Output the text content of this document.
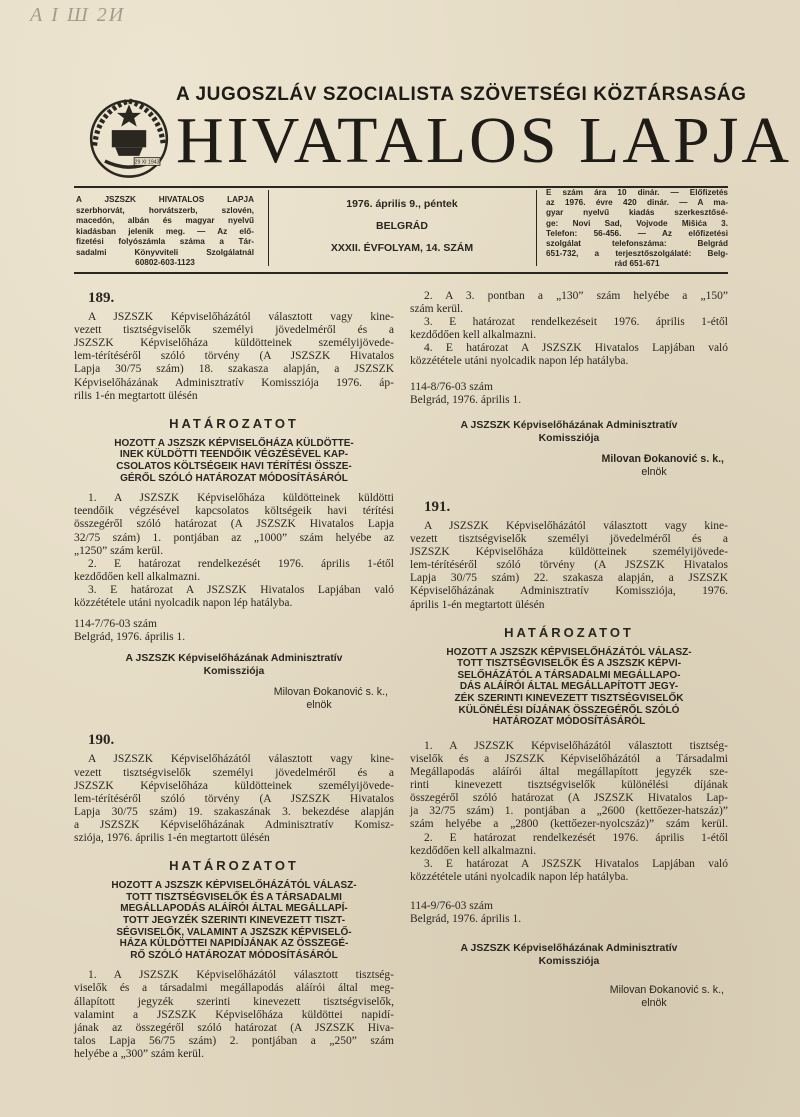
А І Ш 2И
29 XI 1943
A JUGOSZLÁV SZOCIALISTA SZÖVETSÉGI KÖZTÁRSASÁG
HIVATALOS LAPJA
A JSZSZK HIVATALOS LAPJA
szerbhorvát, horvátszerb, szlovén,
macedón, albán és magyar nyelvű
kiadásban jelenik meg. — Az elő-
fizetési folyószámla száma a Tár-
sadalmi Könyvviteli Szolgálatnál
60802-603-1123
1976. április 9., péntek
BELGRÁD
XXXII. ÉVFOLYAM, 14. SZÁM
E szám ára 10 dinár. — Előfizetés
az 1976. évre 420 dinár. — A ma-
gyar nyelvű kiadás szerkesztősé-
ge: Novi Sad, Vojvode Mišića 3.
Telefon: 56-456. — Az előfizetési
szolgálat telefonszáma: Belgrád
651-732, a terjesztőszolgálaté: Belg-
rád 651-671
189.
A JSZSZK Képviselőházától választott vagy kine-
vezett tisztségviselők személyi jövedelméről és a
JSZSZK Képviselőháza küldötteinek személyijövede-
lem-térítéséről szóló törvény (A JSZSZK Hivatalos
Lapja 30/75 szám) 18. szakasza alapján, a JSZSZK
Képviselőházának Adminisztratív Komissziója 1976. áp-
rilis 1-én megtartott ülésén
HATÁROZATOT
HOZOTT A JSZSZK KÉPVISELŐHÁZA KÜLDÖTTE-
INEK KÜLDÖTTI TEENDŐIK VÉGZÉSÉVEL KAP-
CSOLATOS KÖLTSÉGEIK HAVI TÉRÍTÉSI ÖSSZE-
GÉRŐL SZÓLÓ HATÁROZAT MÓDOSÍTÁSÁRÓL
1. A JSZSZK Képviselőháza küldötteinek küldötti
teendőik végzésével kapcsolatos költségeik havi térítési
összegéről szóló határozat (A JSZSZK Hivatalos Lapja
32/75 szám) 1. pontjában az „1000” szám helyébe az
„1250” szám kerül.
2. E határozat rendelkezését 1976. április 1-étől
kezdődően kell alkalmazni.
3. E határozat A JSZSZK Hivatalos Lapjában való
közzététele utáni nyolcadik napon lép hatályba.
114-7/76-03 szám
Belgrád, 1976. április 1.
A JSZSZK Képviselőházának Adminisztratív
Komissziója
Milovan Đokanović s. k.,
elnök
190.
A JSZSZK Képviselőházától választott vagy kine-
vezett tisztségviselők személyi jövedelméről és a
JSZSZK Képviselőháza küldötteinek személyijövede-
lem-térítéséről szóló törvény (A JSZSZK Hivatalos
Lapja 30/75 szám) 19. szakaszának 3. bekezdése alapján
a JSZSZK Képviselőházának Adminisztratív Komisz-
sziója, 1976. április 1-én megtartott ülésén
HATÁROZATOT
HOZOTT A JSZSZK KÉPVISELŐHÁZÁTÓL VÁLASZ-
TOTT TISZTSÉGVISELŐK ÉS A TÁRSADALMI
MEGÁLLAPODÁS ALÁÍRÓI ÁLTAL MEGÁLLAPÍ-
TOTT JEGYZÉK SZERINTI KINEVEZETT TISZT-
SÉGVISELŐK, VALAMINT A JSZSZK KÉPVISELŐ-
HÁZA KÜLDÖTTEI NAPIDÍJÁNAK AZ ÖSSZEGÉ-
RŐ SZÓLÓ HATÁROZAT MÓDOSÍTÁSÁRÓL
1. A JSZSZK Képviselőházától választott tisztség-
viselők és a társadalmi megállapodás aláírói által meg-
állapított jegyzék szerinti kinevezett tisztségviselők,
valamint a JSZSZK Képviselőháza küldöttei napidí-
jának az összegéről szóló határozat (A JSZSZK Hiva-
talos Lapja 56/75 szám) 2. pontjában a „250” szám
helyébe a „300” szám kerül.
2. A 3. pontban a „130” szám helyébe a „150”
szám kerül.
3. E határozat rendelkezéseit 1976. április 1-étől
kezdődően kell alkalmazni.
4. E határozat A JSZSZK Hivatalos Lapjában való
közzététele utáni nyolcadik napon lép hatályba.
114-8/76-03 szám
Belgrád, 1976. április 1.
A JSZSZK Képviselőházának Adminisztratív
Komissziója
Milovan Đokanović s. k.,
elnök
191.
A JSZSZK Képviselőházától választott vagy kine-
vezett tisztségviselők személyi jövedelméről és a
JSZSZK Képviselőháza küldötteinek személyijövede-
lem-térítéséről szóló törvény (A JSZSZK Hivatalos
Lapja 30/75 szám) 22. szakasza alapján, a JSZSZK
Képviselőházának Adminisztratív Komissziója, 1976.
április 1-én megtartott ülésén
HATÁROZATOT
HOZOTT A JSZSZK KÉPVISELŐHÁZÁTÓL VÁLASZ-
TOTT TISZTSÉGVISELŐK ÉS A JSZSZK KÉPVI-
SELŐHÁZÁTÓL A TÁRSADALMI MEGÁLLAPO-
DÁS ALÁÍRÓI ÁLTAL MEGÁLLAPÍTOTT JEGY-
ZÉK SZERINTI KINEVEZETT TISZTSÉGVISELŐK
KÜLÖNÉLÉSI DÍJÁNAK ÖSSZEGÉRŐL SZÓLÓ
HATÁROZAT MÓDOSÍTÁSÁRÓL
1. A JSZSZK Képviselőházától választott tisztség-
viselők és a JSZSZK Képviselőházától a Társadalmi
Megállapodás aláírói által megállapított jegyzék sze-
rinti kinevezett tisztségviselők különélési díjának
összegéről szóló határozat (A JSZSZK Hivatalos Lap-
ja 32/75 szám) 1. pontjában a „2600 (kettőezer-hatszáz)”
szám helyébe a „2800 (kettőezer-nyolcszáz)” szám kerül.
2. E határozat rendelkezését 1976. április 1-étől
kezdődően kell alkalmazni.
3. E határozat A JSZSZK Hivatalos Lapjában való
közzététele utáni nyolcadik napon lép hatályba.
114-9/76-03 szám
Belgrád, 1976. április 1.
A JSZSZK Képviselőházának Adminisztratív
Komissziója
Milovan Đokanović s. k.,
elnök
